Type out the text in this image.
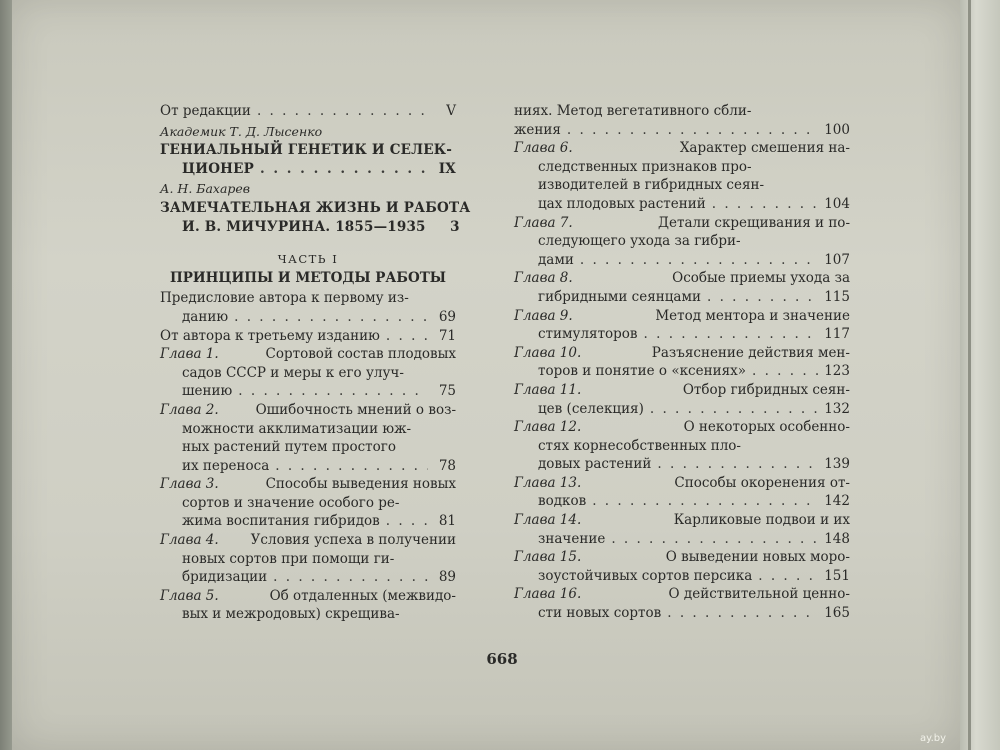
От редакции . . .	V
Академик Т. Д. Лысенко
ГЕНИАЛЬНЫЙ ГЕНЕТИК И СЕЛЕК-
ЦИОНЕР . . .	IX
А. Н. Бахарев
ЗАМЕЧАТЕЛЬНАЯ ЖИЗНЬ И РАБОТА
И. В. МИЧУРИНА. 1855—1935	3
ЧАСТЬ I
ПРИНЦИПЫ И МЕТОДЫ РАБОТЫ
Предисловие автора к первому из-
данию . . .	69
От автора к третьему изданию . . .	71
Глава 1.	Сортовой состав плодовых
садов СССР и меры к его улуч-
шению . . .	75
Глава 2.	Ошибочность мнений о воз-
можности акклиматизации юж-
ных растений путем простого
их переноса . . .	78
Глава 3.	Способы выведения новых
сортов и значение особого ре-
жима воспитания гибридов . . .	81
Глава 4. Условия успеха в получении
новых сортов при помощи ги-
бридизации . . .	89
Глава 5.	Об отдаленных (межвидо-
вых и межродовых) скрещива-
ниях. Метод вегетативного сбли-
жения . . .	100
Глава 6.	Характер смешения на-
следственных признаков про-
изводителей в гибридных сеян-
цах плодовых растений . . .	104
Глава 7.	Детали скрещивания и по-
следующего ухода за гибри-
дами . . .	107
Глава 8.	Особые приемы ухода за
гибридными сеянцами . . .	115
Глава 9.	Метод ментора и значение
стимуляторов . . .	117
Глава 10.	Разъяснение действия мен-
торов и понятие о «ксениях» . . .	123
Глава 11.	Отбор гибридных сеян-
цев (селекция) . . .	132
Глава 12.	О некоторых особенно-
стях корнесобственных пло-
довых растений . . .	139
Глава 13.	Способы окоренения от-
водков . . .	142
Глава 14.	Карликовые подвои и их
значение . . .	148
Глава 15.	О выведении новых моро-
зоустойчивых сортов персика . . .	151
Глава 16.	О действительной ценно-
сти новых сортов . . .	165
668
ay.by
